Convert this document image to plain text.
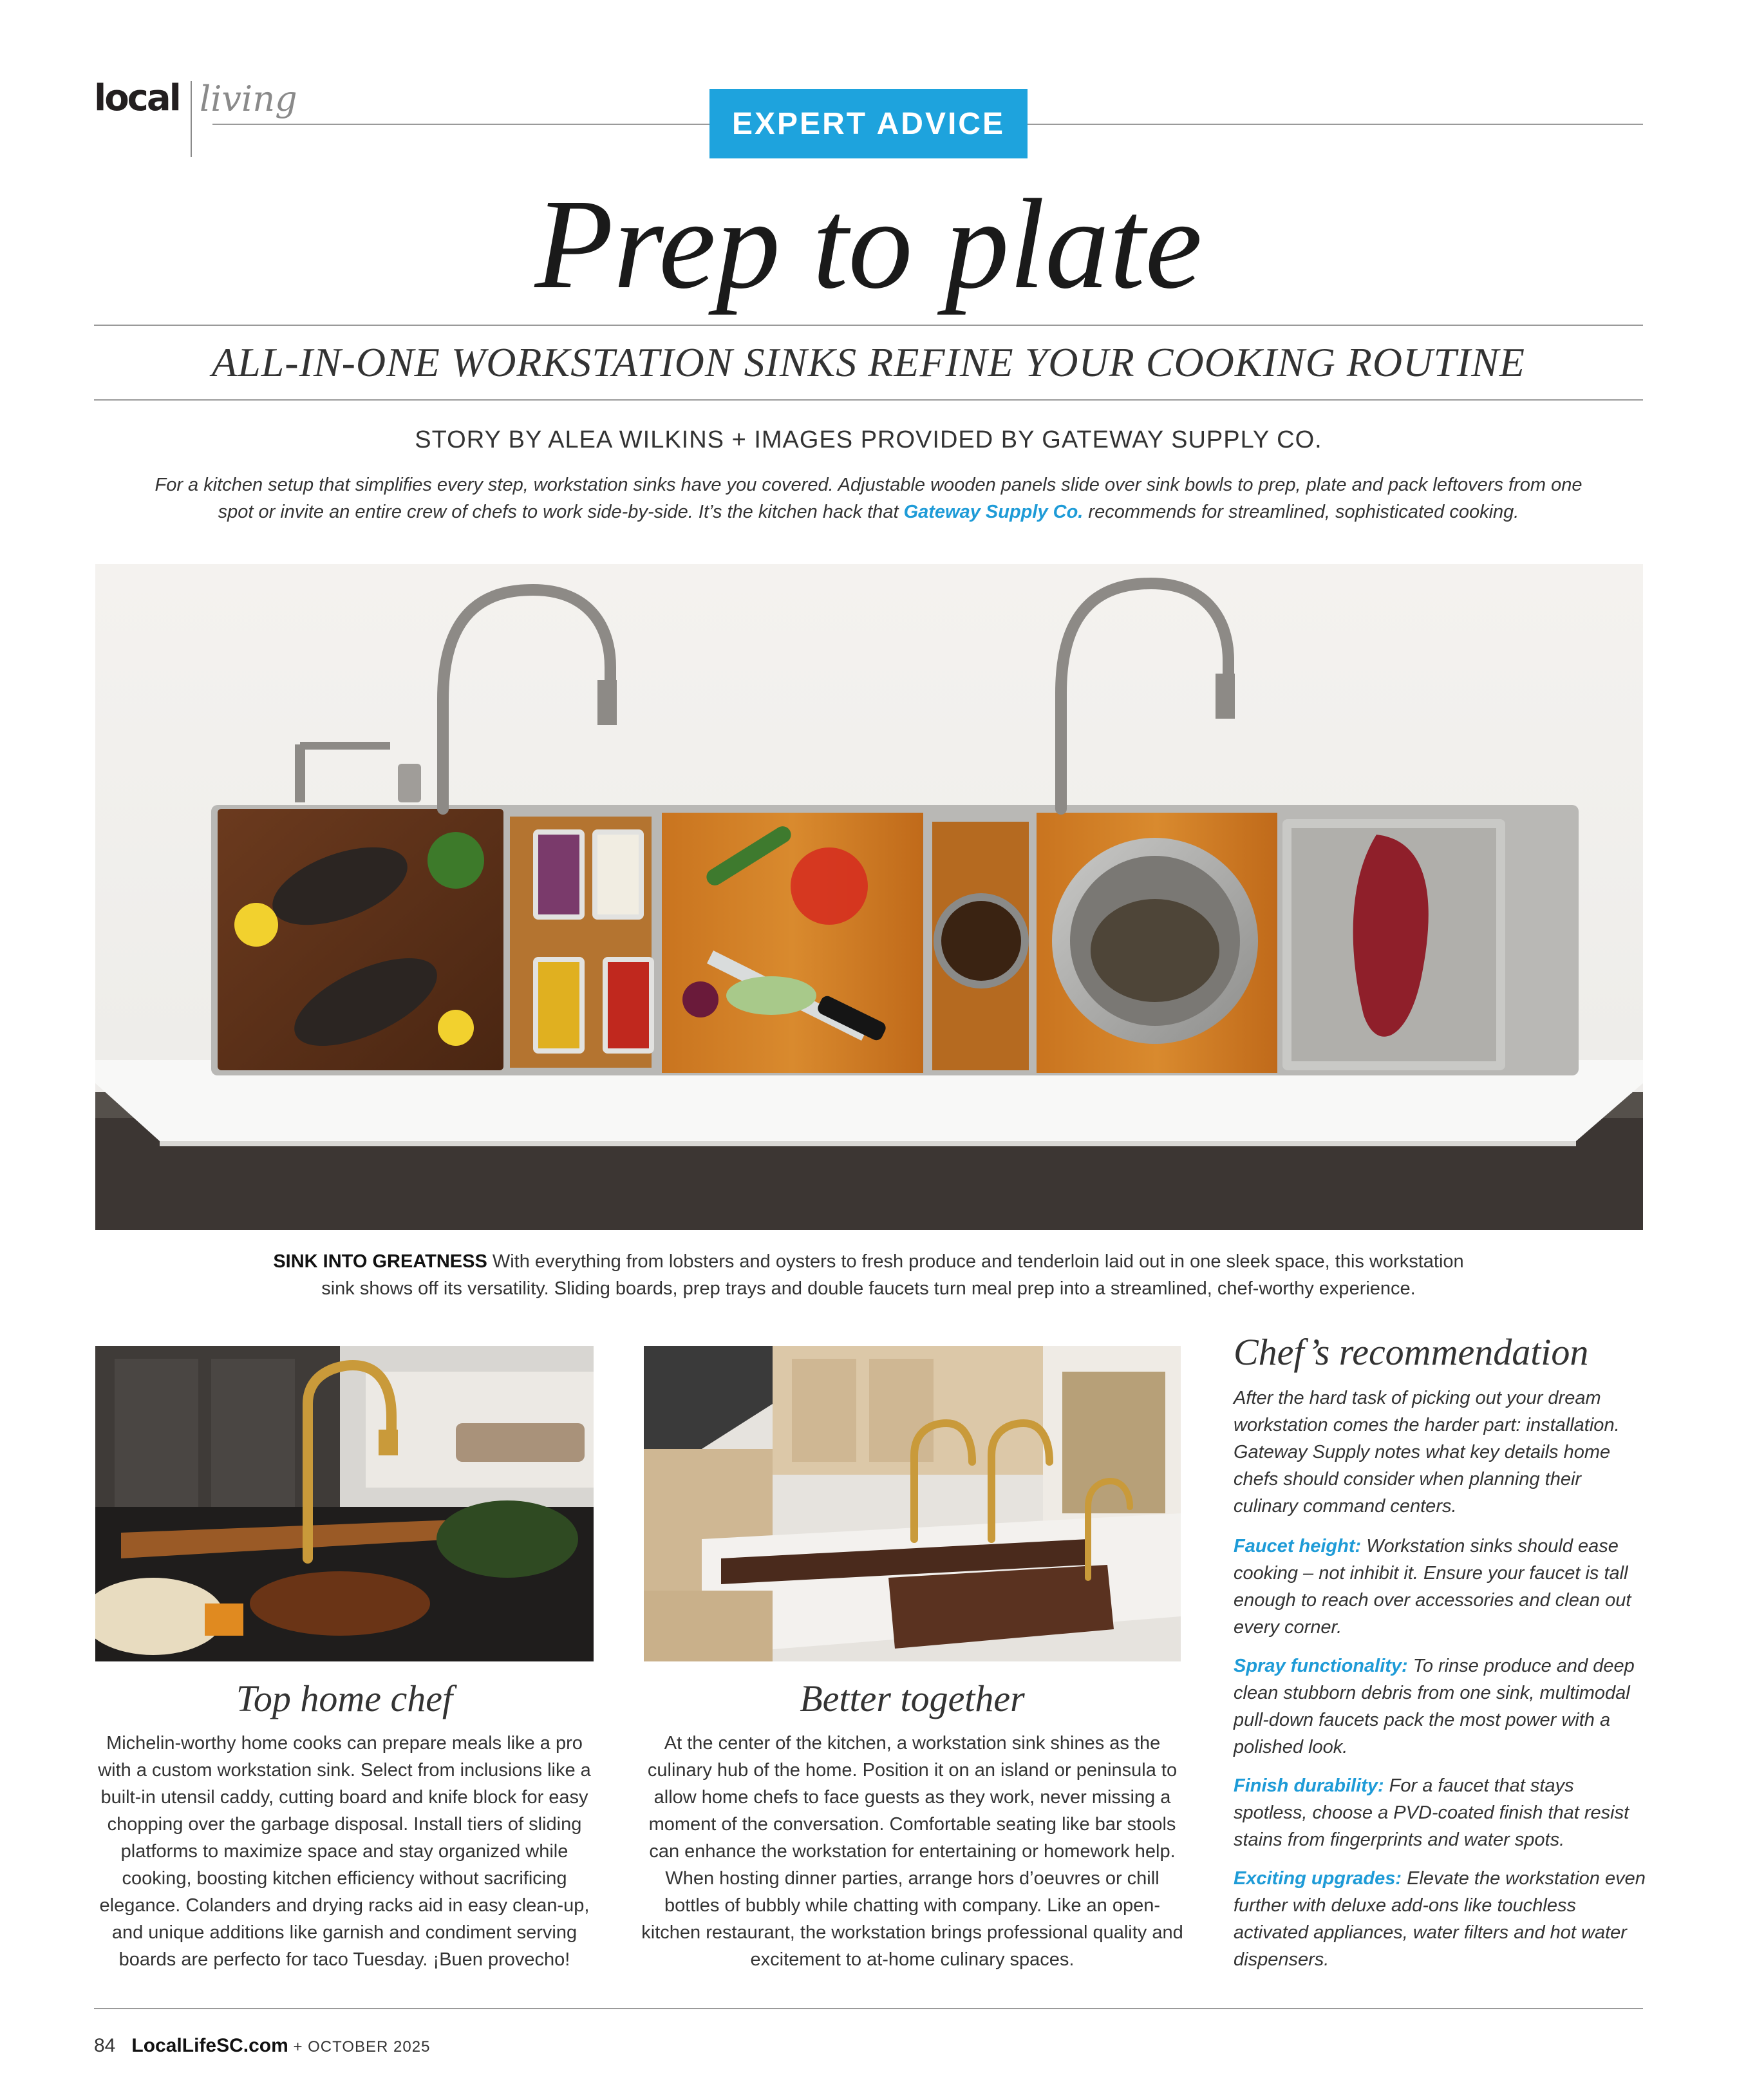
local living
EXPERT ADVICE
Prep to plate
ALL-IN-ONE WORKSTATION SINKS REFINE YOUR COOKING ROUTINE
STORY BY ALEA WILKINS + IMAGES PROVIDED BY GATEWAY SUPPLY CO.
For a kitchen setup that simplifies every step, workstation sinks have you covered. Adjustable wooden panels slide over sink bowls to prep, plate and pack leftovers from one spot or invite an entire crew of chefs to work side-by-side. It’s the kitchen hack that Gateway Supply Co. recommends for streamlined, sophisticated cooking.
SINK INTO GREATNESS With everything from lobsters and oysters to fresh produce and tenderloin laid out in one sleek space, this workstation sink shows off its versatility. Sliding boards, prep trays and double faucets turn meal prep into a streamlined, chef-worthy experience.
Top home chef
Michelin-worthy home cooks can prepare meals like a pro with a custom workstation sink. Select from inclusions like a built-in utensil caddy, cutting board and knife block for easy chopping over the garbage disposal. Install tiers of sliding platforms to maximize space and stay organized while cooking, boosting kitchen efficiency without sacrificing elegance. Colanders and drying racks aid in easy clean-up, and unique additions like garnish and condiment serving boards are perfecto for taco Tuesday. ¡Buen provecho!
Better together
At the center of the kitchen, a workstation sink shines as the culinary hub of the home. Position it on an island or peninsula to allow home chefs to face guests as they work, never missing a moment of the conversation. Comfortable seating like bar stools can enhance the workstation for entertaining or homework help. When hosting dinner parties, arrange hors d’oeuvres or chill bottles of bubbly while chatting with company. Like an open-kitchen restaurant, the workstation brings professional quality and excitement to at-home culinary spaces.
Chef’s recommendation
After the hard task of picking out your dream workstation comes the harder part: installation. Gateway Supply notes what key details home chefs should consider when planning their culinary command centers.
Faucet height: Workstation sinks should ease cooking – not inhibit it. Ensure your faucet is tall enough to reach over accessories and clean out every corner.
Spray functionality: To rinse produce and deep clean stubborn debris from one sink, multimodal pull-down faucets pack the most power with a polished look.
Finish durability: For a faucet that stays spotless, choose a PVD-coated finish that resist stains from fingerprints and water spots.
Exciting upgrades: Elevate the workstation even further with deluxe add-ons like touchless activated appliances, water filters and hot water dispensers.
84 LocalLifeSC.com + OCTOBER 2025
